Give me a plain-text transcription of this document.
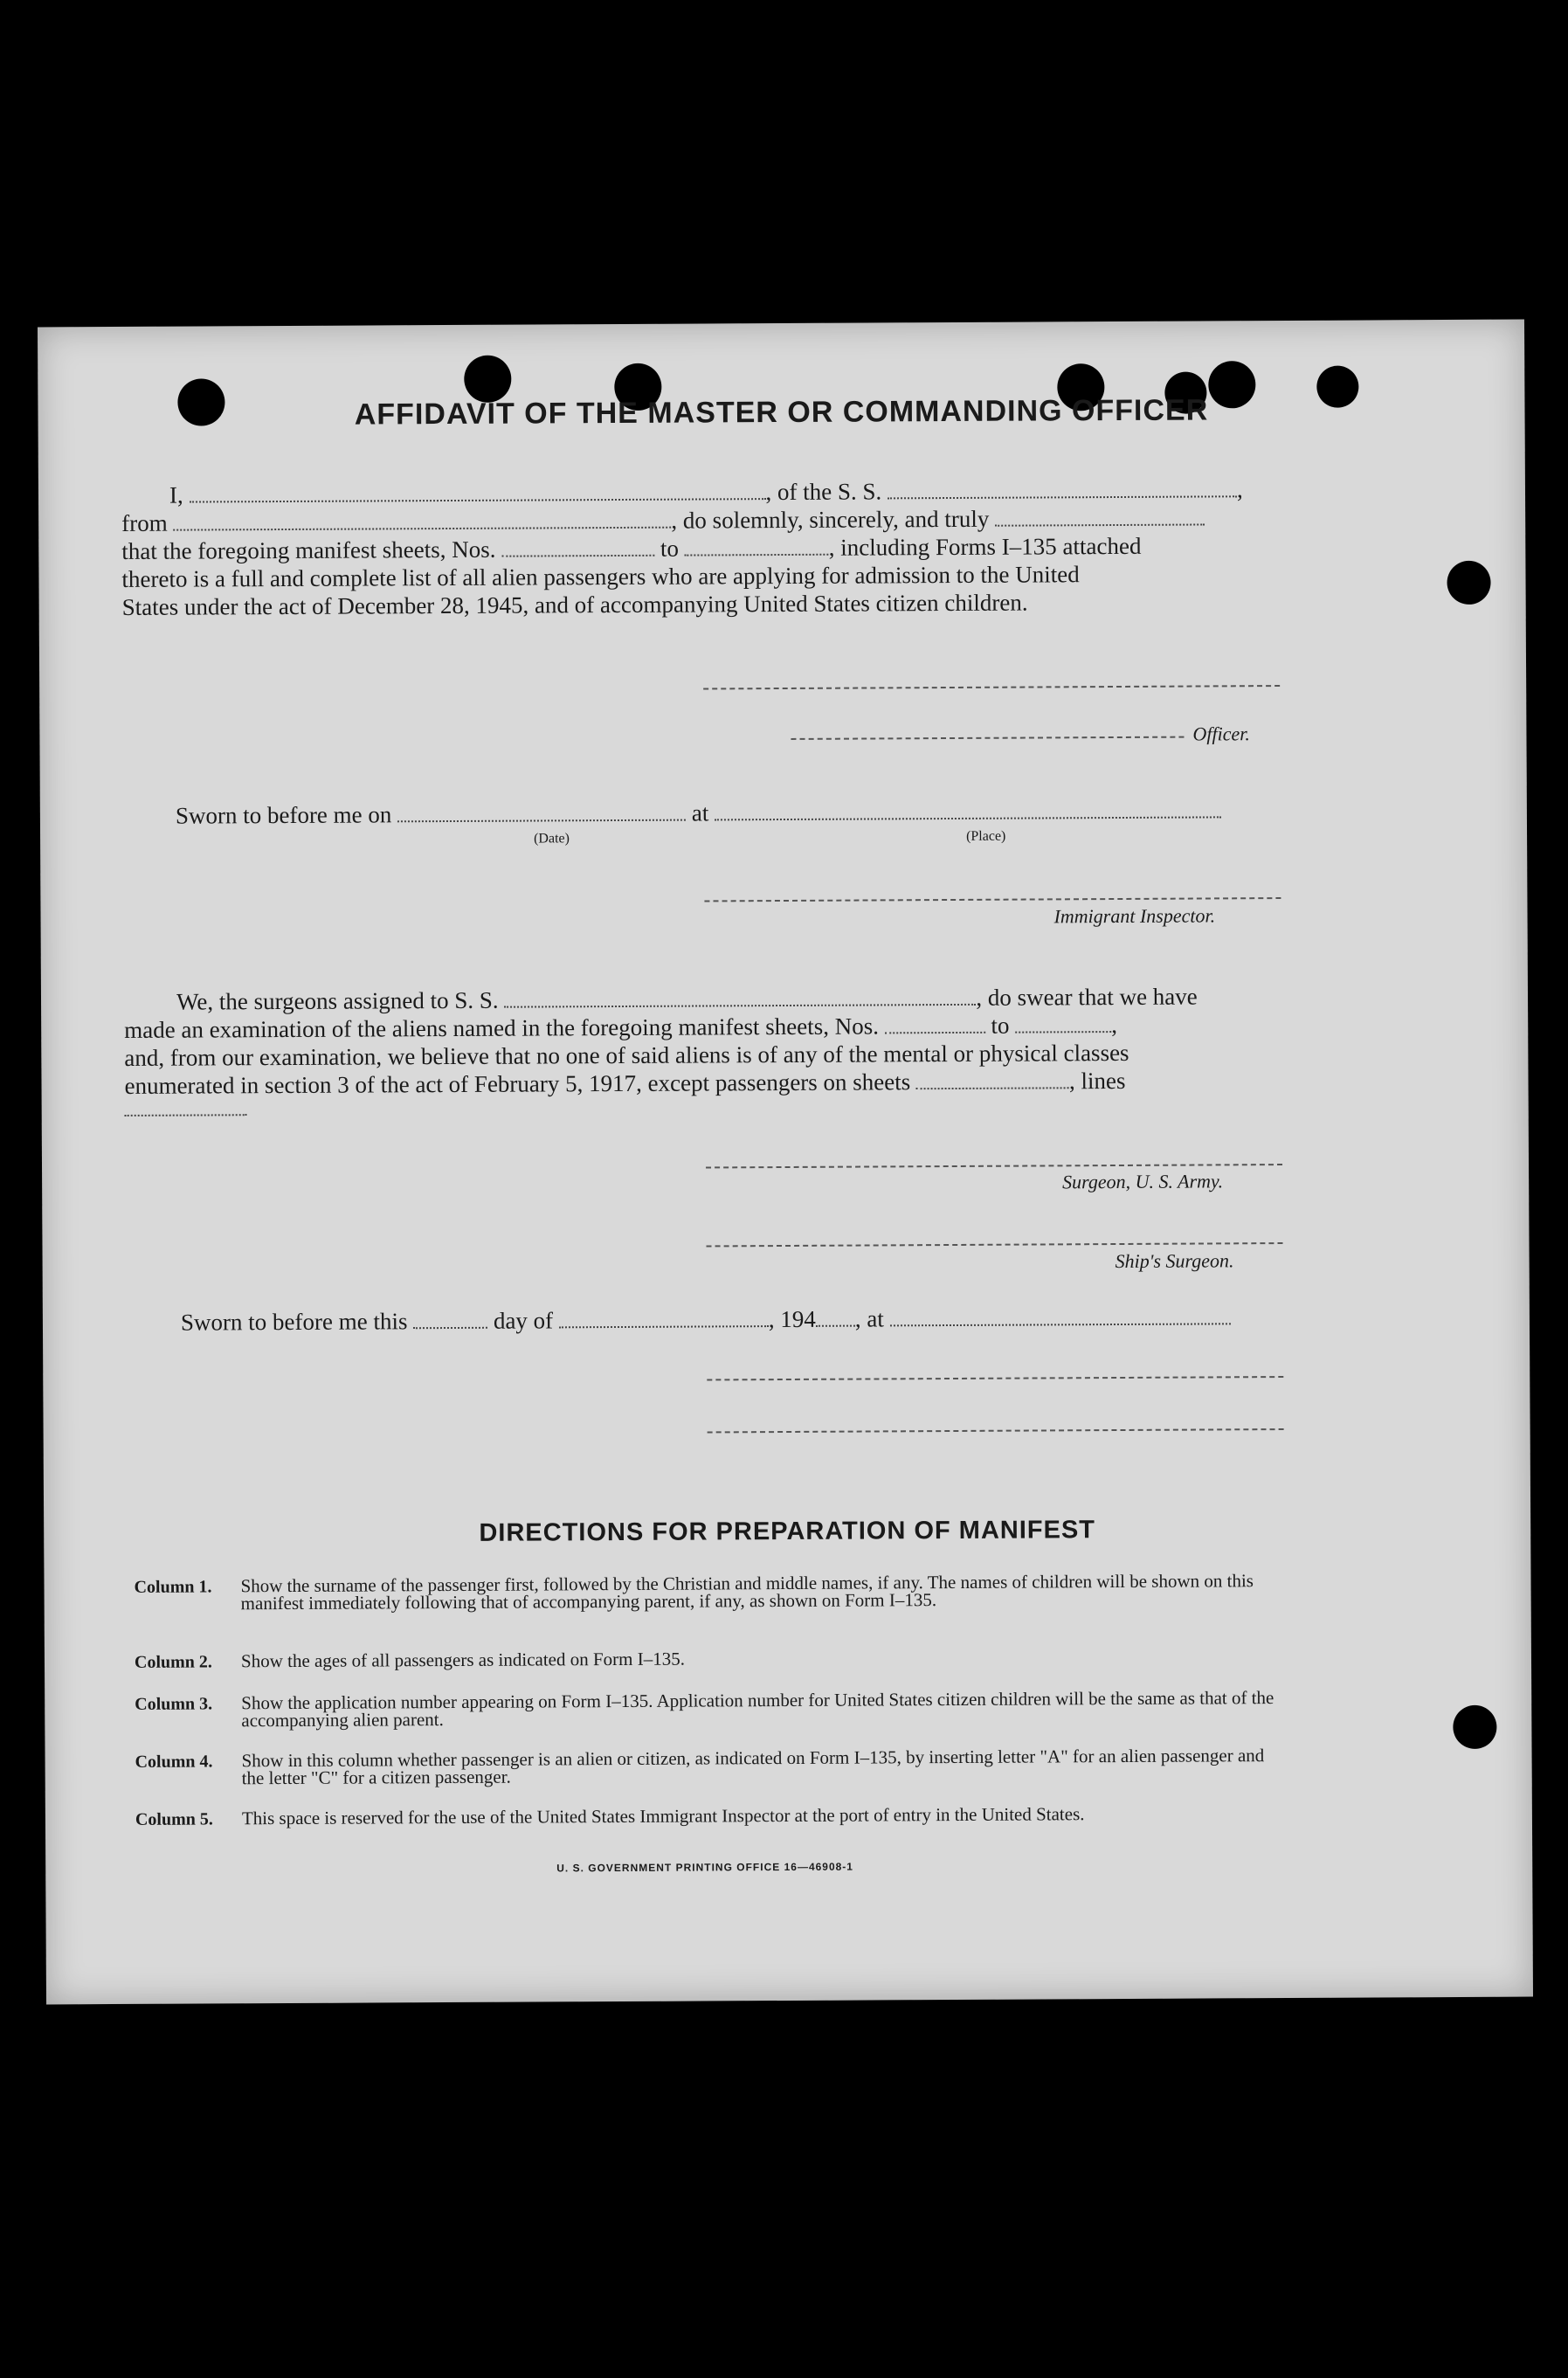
AFFIDAVIT OF THE MASTER OR COMMANDING OFFICER
I,	, of the S. S.	,
from	, do solemnly, sincerely, and truly
that the foregoing manifest sheets, Nos.	to	, including Forms I–135 attached
thereto is a full and complete list of all alien passengers who are applying for admission to the United
States under the act of December 28, 1945, and of accompanying United States citizen children.
Officer.
Sworn to before me on	at
(Date)	(Place)
Immigrant Inspector.
We, the surgeons assigned to S. S.	, do swear that we have
made an examination of the aliens named in the foregoing manifest sheets, Nos.	to	,
and, from our examination, we believe that no one of said aliens is of any of the mental or physical classes
enumerated in section 3 of the act of February 5, 1917, except passengers on sheets	, lines
Surgeon, U. S. Army.
Ship's Surgeon.
Sworn to before me this	day of	, 194 , at
DIRECTIONS FOR PREPARATION OF MANIFEST
Column 1. Show the surname of the passenger first, followed by the Christian and middle names, if any. The names of children will be shown on this manifest immediately following that of accompanying parent, if any, as shown on Form I–135.
Column 2. Show the ages of all passengers as indicated on Form I–135.
Column 3. Show the application number appearing on Form I–135. Application number for United States citizen children will be the same as that of the accompanying alien parent.
Column 4. Show in this column whether passenger is an alien or citizen, as indicated on Form I–135, by inserting letter "A" for an alien passenger and the letter "C" for a citizen passenger.
Column 5. This space is reserved for the use of the United States Immigrant Inspector at the port of entry in the United States.
U. S. GOVERNMENT PRINTING OFFICE 16—46908-1
